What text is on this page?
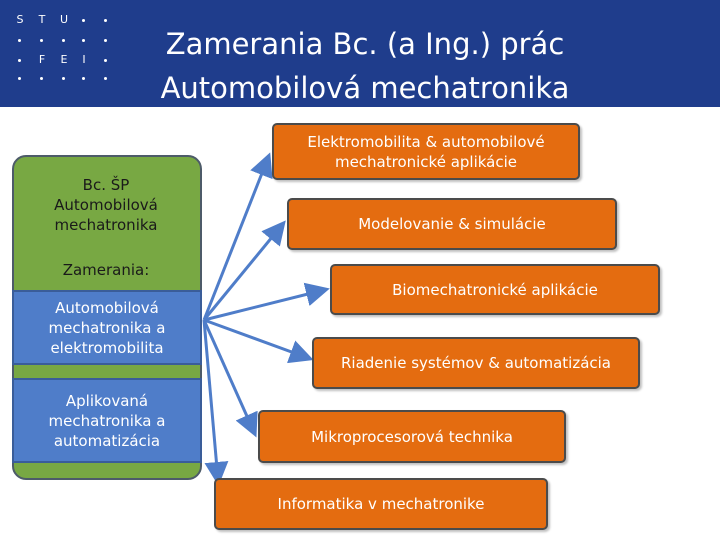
S T U
F E	I	Zamerania Bc. (a Ing.) prác
Automobilová mechatronika
Bc. ŠP
Automobilová
mechatronika
Zamerania:
Automobilová
mechatronika a
elektromobilita
Aplikovaná
mechatronika a
automatizácia
Elektromobilita & automobilové
mechatronické aplikácie
Modelovanie & simulácie
Biomechatronické aplikácie
Riadenie systémov & automatizácia
Mikroprocesorová technika
Informatika v mechatronike
